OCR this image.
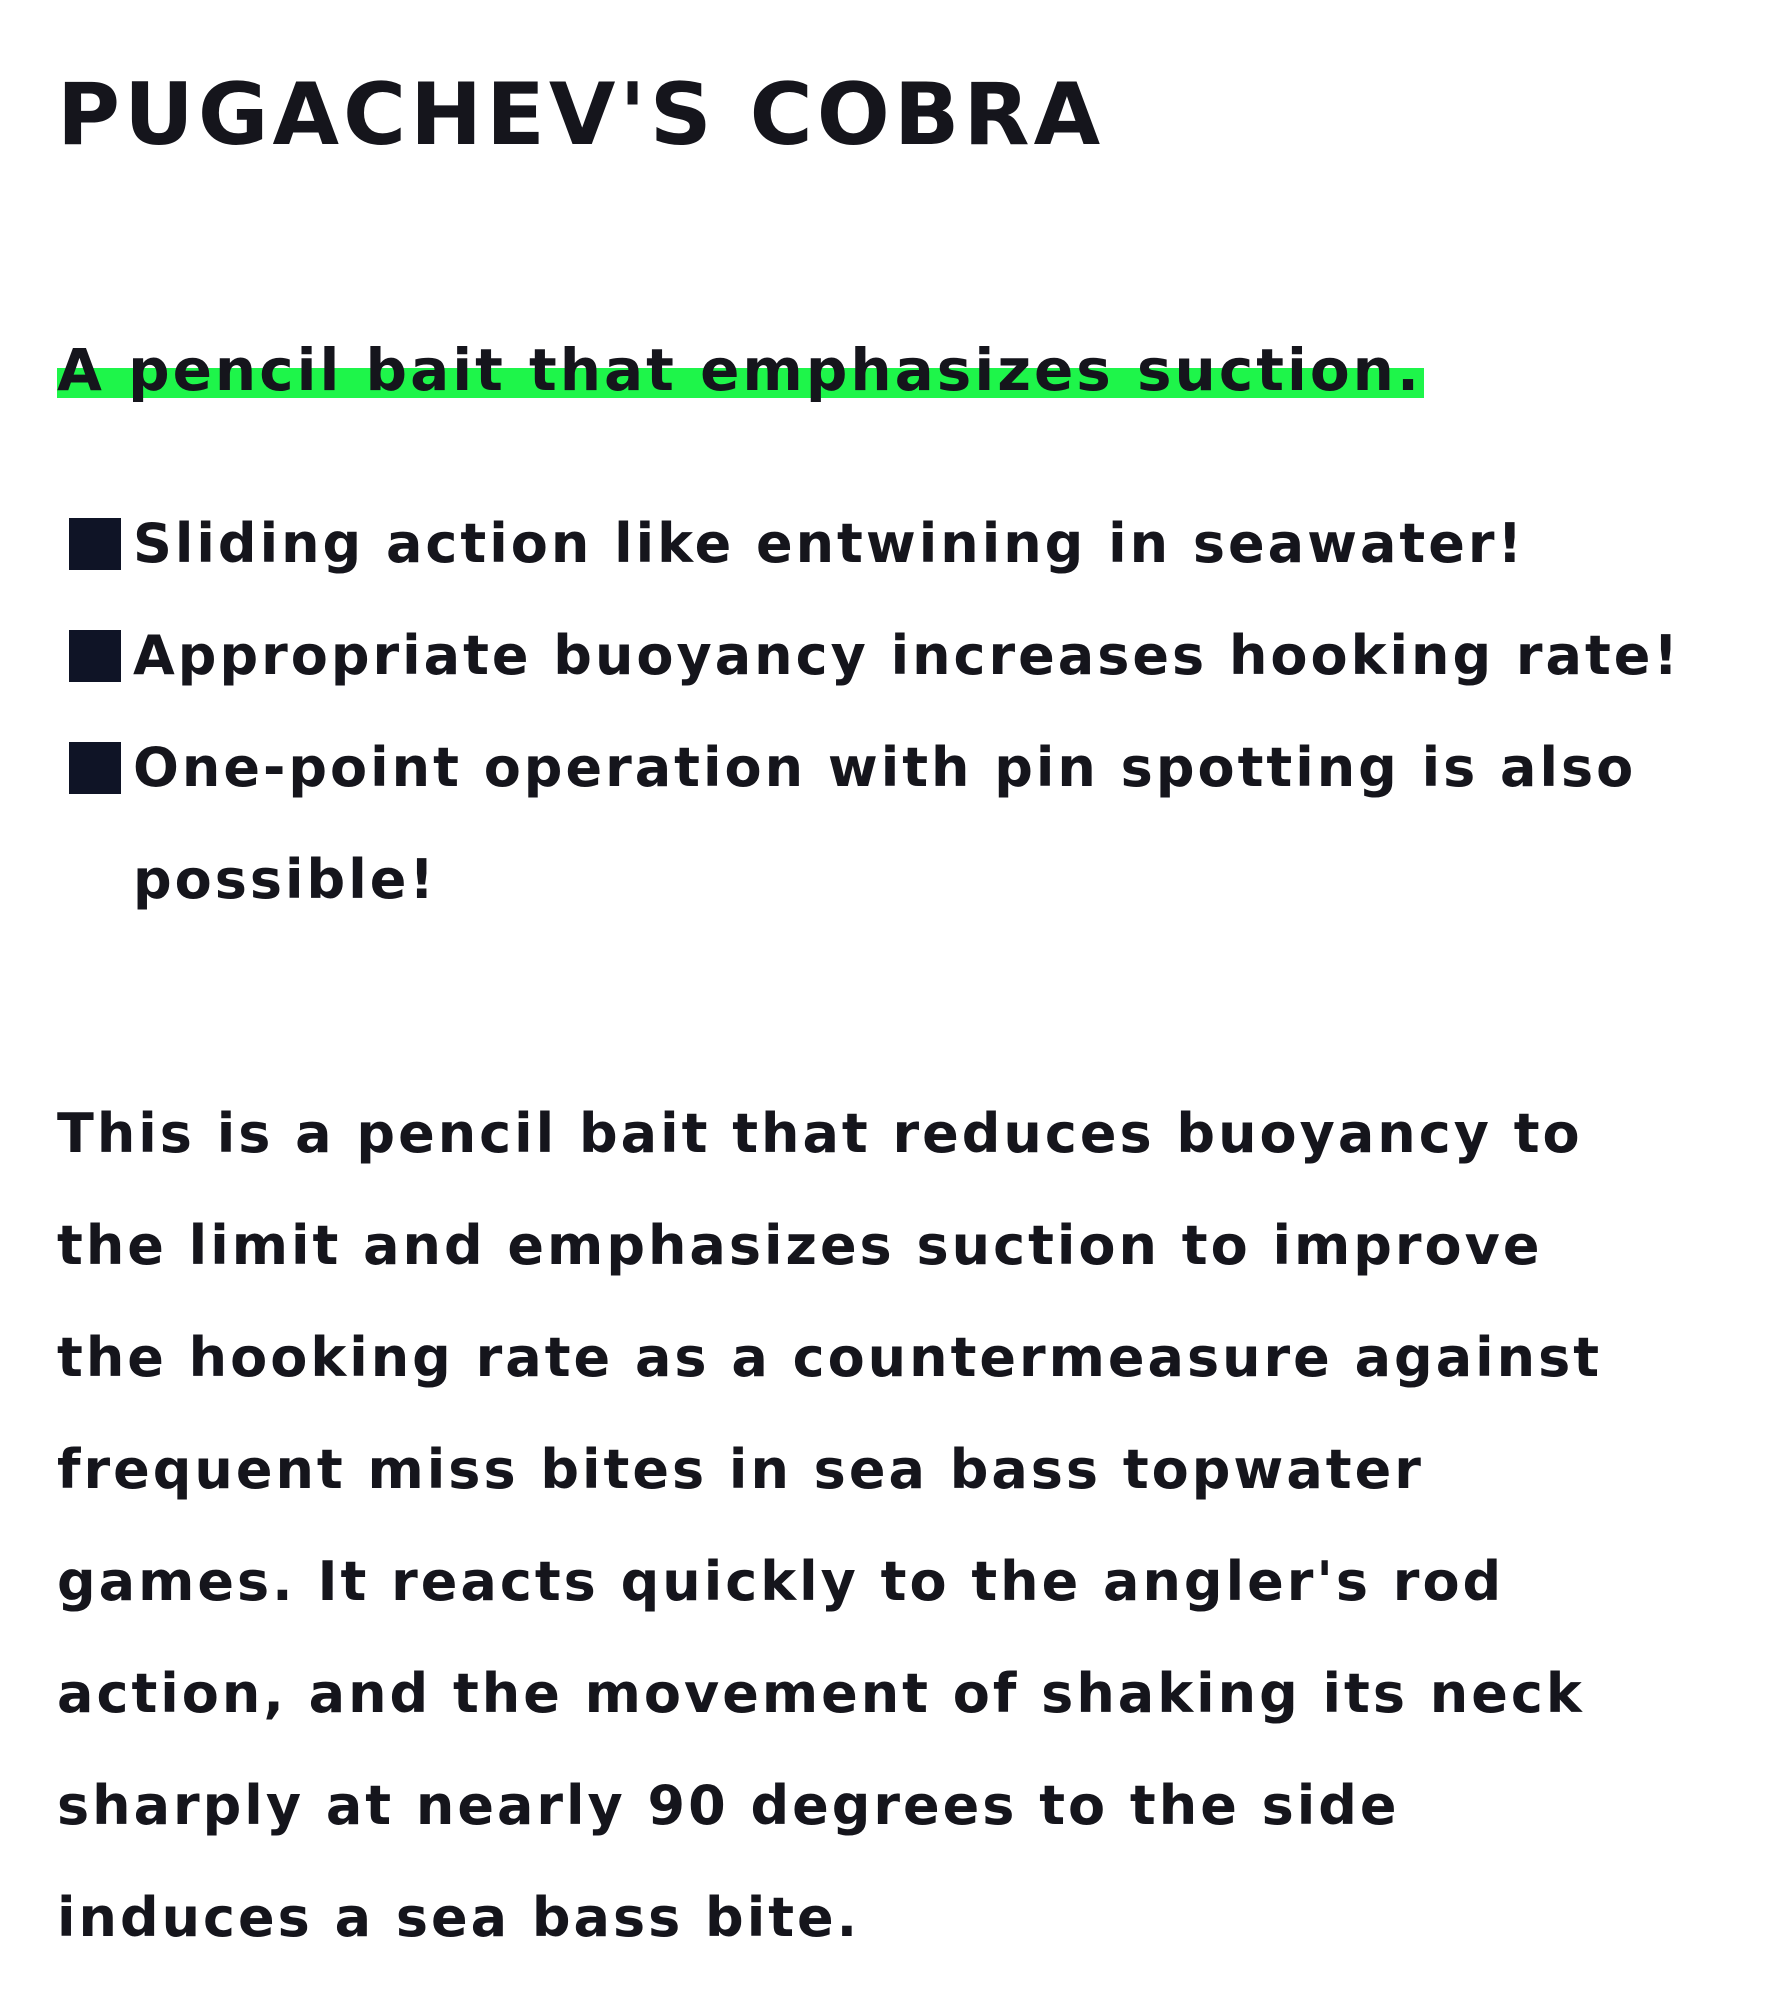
PUGACHEV'S COBRA

A pencil bait that emphasizes suction.

Sliding action like entwining in seawater!
Appropriate buoyancy increases hooking rate!
One-point operation with pin spotting is also possible!

This is a pencil bait that reduces buoyancy to the limit and emphasizes suction to improve the hooking rate as a countermeasure against frequent miss bites in sea bass topwater games. It reacts quickly to the angler's rod action, and the movement of shaking its neck sharply at nearly 90 degrees to the side induces a sea bass bite.
